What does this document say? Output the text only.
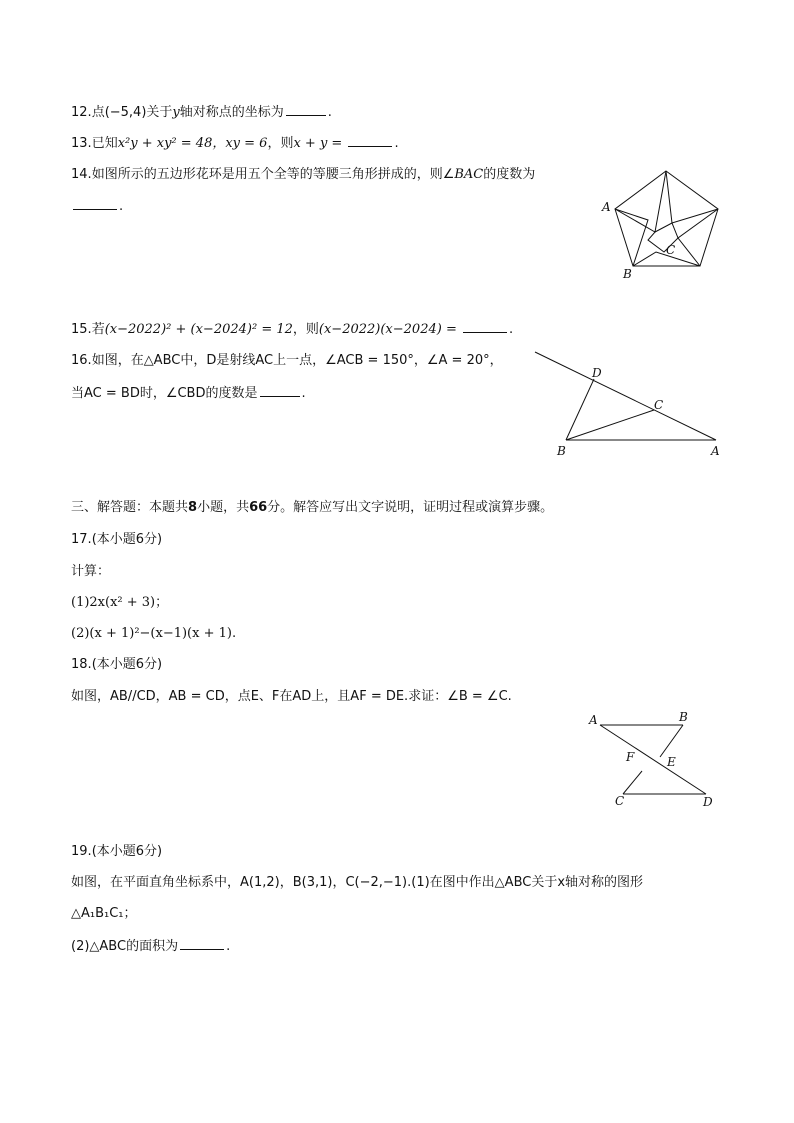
12.点(−5,4)关于y轴对称点的坐标为	.
13.已知x²y + xy² = 48，xy = 6，则x + y =	.
14.如图所示的五边形花环是用五个全等的等腰三角形拼成的，则∠BAC的度数为
.	A
B
C
15.若(x−2022)² + (x−2024)² = 12，则(x−2022)(x−2024) =	.
16.如图，在△ABC中，D是射线AC上一点，∠ACB = 150°，∠A = 20°，
当AC = BD时，∠CBD的度数是	.
D
C
B	A
三、解答题：本题共8小题，共66分。解答应写出文字说明，证明过程或演算步骤。
17.(本小题6分)
计算：
(1)2x(x² + 3)；
(2)(x + 1)²−(x−1)(x + 1).
18.(本小题6分)
如图，AB//CD，AB = CD，点E、F在AD上，且AF = DE.求证：∠B = ∠C.
A	B
F	E
C	D
19.(本小题6分)
如图，在平面直角坐标系中，A(1,2)，B(3,1)，C(−2,−1).(1)在图中作出△ABC关于x轴对称的图形
△A₁B₁C₁；
(2)△ABC的面积为	.
